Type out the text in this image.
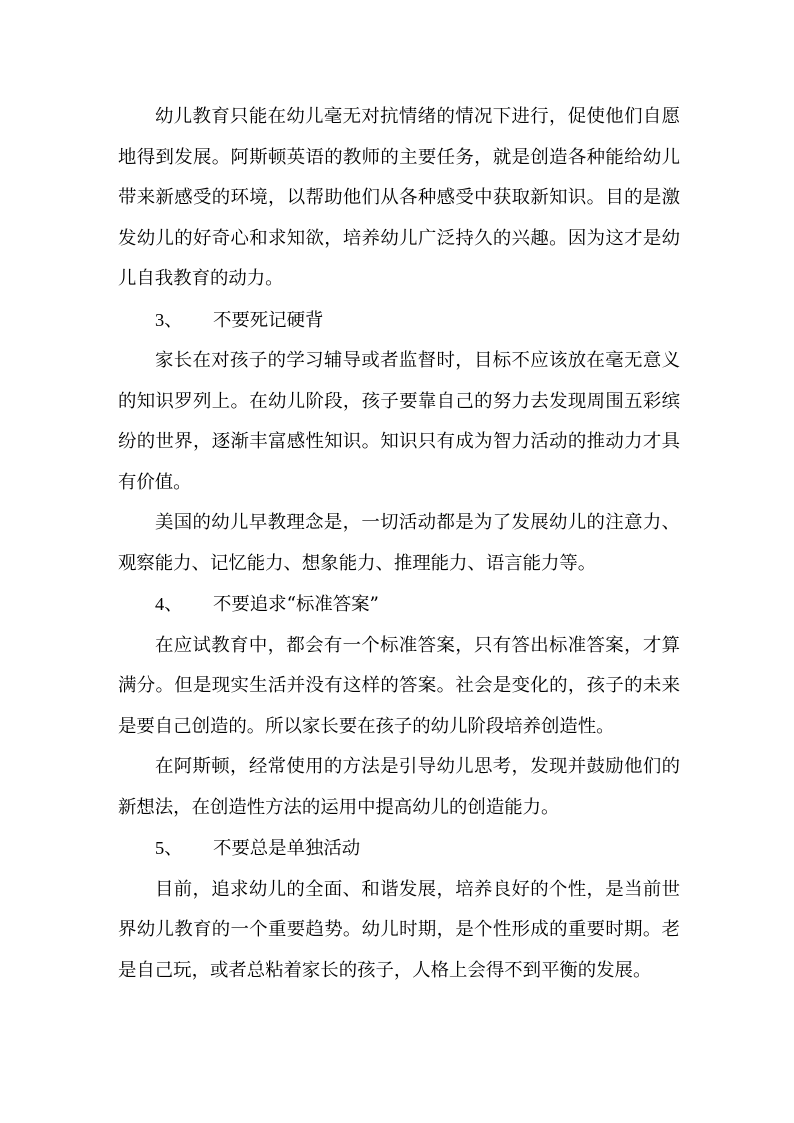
幼儿教育只能在幼儿毫无对抗情绪的情况下进行，促使他们自愿地得到发展。阿斯顿英语的教师的主要任务，就是创造各种能给幼儿带来新感受的环境，以帮助他们从各种感受中获取新知识。目的是激发幼儿的好奇心和求知欲，培养幼儿广泛持久的兴趣。因为这才是幼儿自我教育的动力。

3、 不要死记硬背

家长在对孩子的学习辅导或者监督时，目标不应该放在毫无意义的知识罗列上。在幼儿阶段，孩子要靠自己的努力去发现周围五彩缤纷的世界，逐渐丰富感性知识。知识只有成为智力活动的推动力才具有价值。

美国的幼儿早教理念是，一切活动都是为了发展幼儿的注意力、观察能力、记忆能力、想象能力、推理能力、语言能力等。

4、 不要追求“标准答案”

在应试教育中，都会有一个标准答案，只有答出标准答案，才算满分。但是现实生活并没有这样的答案。社会是变化的，孩子的未来是要自己创造的。所以家长要在孩子的幼儿阶段培养创造性。

在阿斯顿，经常使用的方法是引导幼儿思考，发现并鼓励他们的新想法，在创造性方法的运用中提高幼儿的创造能力。

5、 不要总是单独活动

目前，追求幼儿的全面、和谐发展，培养良好的个性，是当前世界幼儿教育的一个重要趋势。幼儿时期，是个性形成的重要时期。老是自己玩，或者总粘着家长的孩子，人格上会得不到平衡的发展。
